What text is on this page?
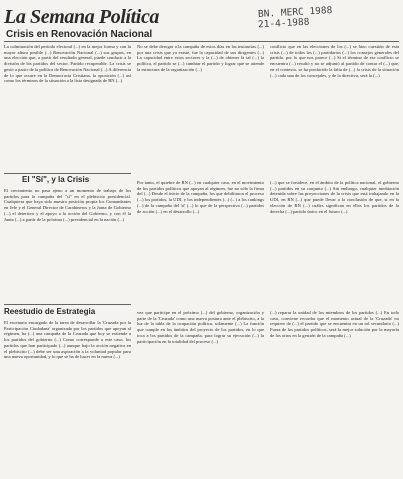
La Semana Política
Crisis en Renovación Nacional
BN. MERC 1988
21-4-1988

La culminación del período electoral (...) en la mejor forma y con la mayor altura posible (...) Renovación Nacional (...) sus grupos, en una elección que, a partir del resultado general, puede conducir a la división de los partidos del sector. Partido recuperable. La crisis se gestó a partir de la política de Renovación Nacional (...) A diferencia de lo que ocurre en la Democracia Cristiana, la oposición (...) así como los términos de la situación a la lista designada de RN (...)

No se debe derogar a la campaña de estos días en las instancias (...) por una crisis que ya existe, fue la capacidad de sus dirigentes (...) La capacidad entre estos sectores y la (...) de obtener la tal (...) la política, el partido se (...) cambiar el partido y lograr que se atiende la estructura de la organización (...)

conflicto que en las elecciones de los (...) se hizo cuestión de esta crisis (...) de todos los (...) partidarios (...) los consejos generales del partido, por lo que nos parece (...) Si el término de ese conflicto se encuentra (...) resultó y no se adjuntó al partido de contar el (...) que, en el contexto, se ha producido la falta de (...) la crisis de la situación (...) cada una de los concejales, y de la directiva, será la (...)

El "Sí", y la Crisis

El crecimiento no pasa ajeno a un momento de trabajo de los partidos para la campaña del "sí" en el plebiscito presidencial. Cualquiera que haya sido nuestra posición propia los Comandantes en Jefe y el General Director de Carabineros y la Junta de Gobierno (...) el deterioro y el apoyo a la acción del Gobierno, y con él la Junta (...) a partir de la próxima (...) presidencial en la nación (...)

Por tanto, el quiebre de RN (...) en cualquier caso, en el movimiento de los partidos políticos que apoyan al régimen, fue no sólo la firma del (...) Desde el inicio de la campaña, los que debilitaron el proceso (...) los partidos, la UDI, y los independientes (...) (...) a los rankings (...) de la campaña del 'sí' (...) lo que de la perspectiva (...) partidos de acción (...) en el desarrollo (...)

(...) que se fortalece, en el ámbito de la política nacional, el gobierno (...) partidos en su conjunto (...) Sin embargo, cualquier meditación detenida sobre las proyecciones de la crisis que está trabajando en la UDI, en RN (...) que puede llevar a la conclusión de que, si en la elección de RN (...) cuáles significan en ellos los partidos de la derecha (...) partido único en el futuro (...)

Reestudio de Estrategia

El escenario encargado de la tarea de desarrollar la 'Cruzada por la Participación Ciudadana' organizada por los partidos que apoyan al régimen, ha (...) una campaña de la Cruzada que hoy se extiende a los partidos del gobierno (...) Como corresponde a este caso, los partidos que han participado (...) aunque bajo la acción negativa en el plebiscito (...) debe ser una aspiración a la voluntad popular para una nueva oportunidad, y lo que se ha de hacer en la nueva (...)

vez que participe en el próximo (...) del gobierno, organización y parte de la 'Cruzada' como una nueva postura ante el plebiscito, a la luz de la tabla de la ocupación política, solamente (...) La función que cumple en los ámbitos del proyecto de los partidos, en lo que toca a los partidos de la campaña, para lograr su ejecución (...) la participación en la totalidad del proceso (...)

(...) reparar la unidad de los miembros de los partidos (...) En todo caso, conviene recordar que el momento actual de la 'Cruzada' no requiere de (...) el partido que se encuentra en un rol secundario (...) Fuera de los partidos políticos, será la mejor solución por la mayoría de los otros en la gestión de la campaña (...)
